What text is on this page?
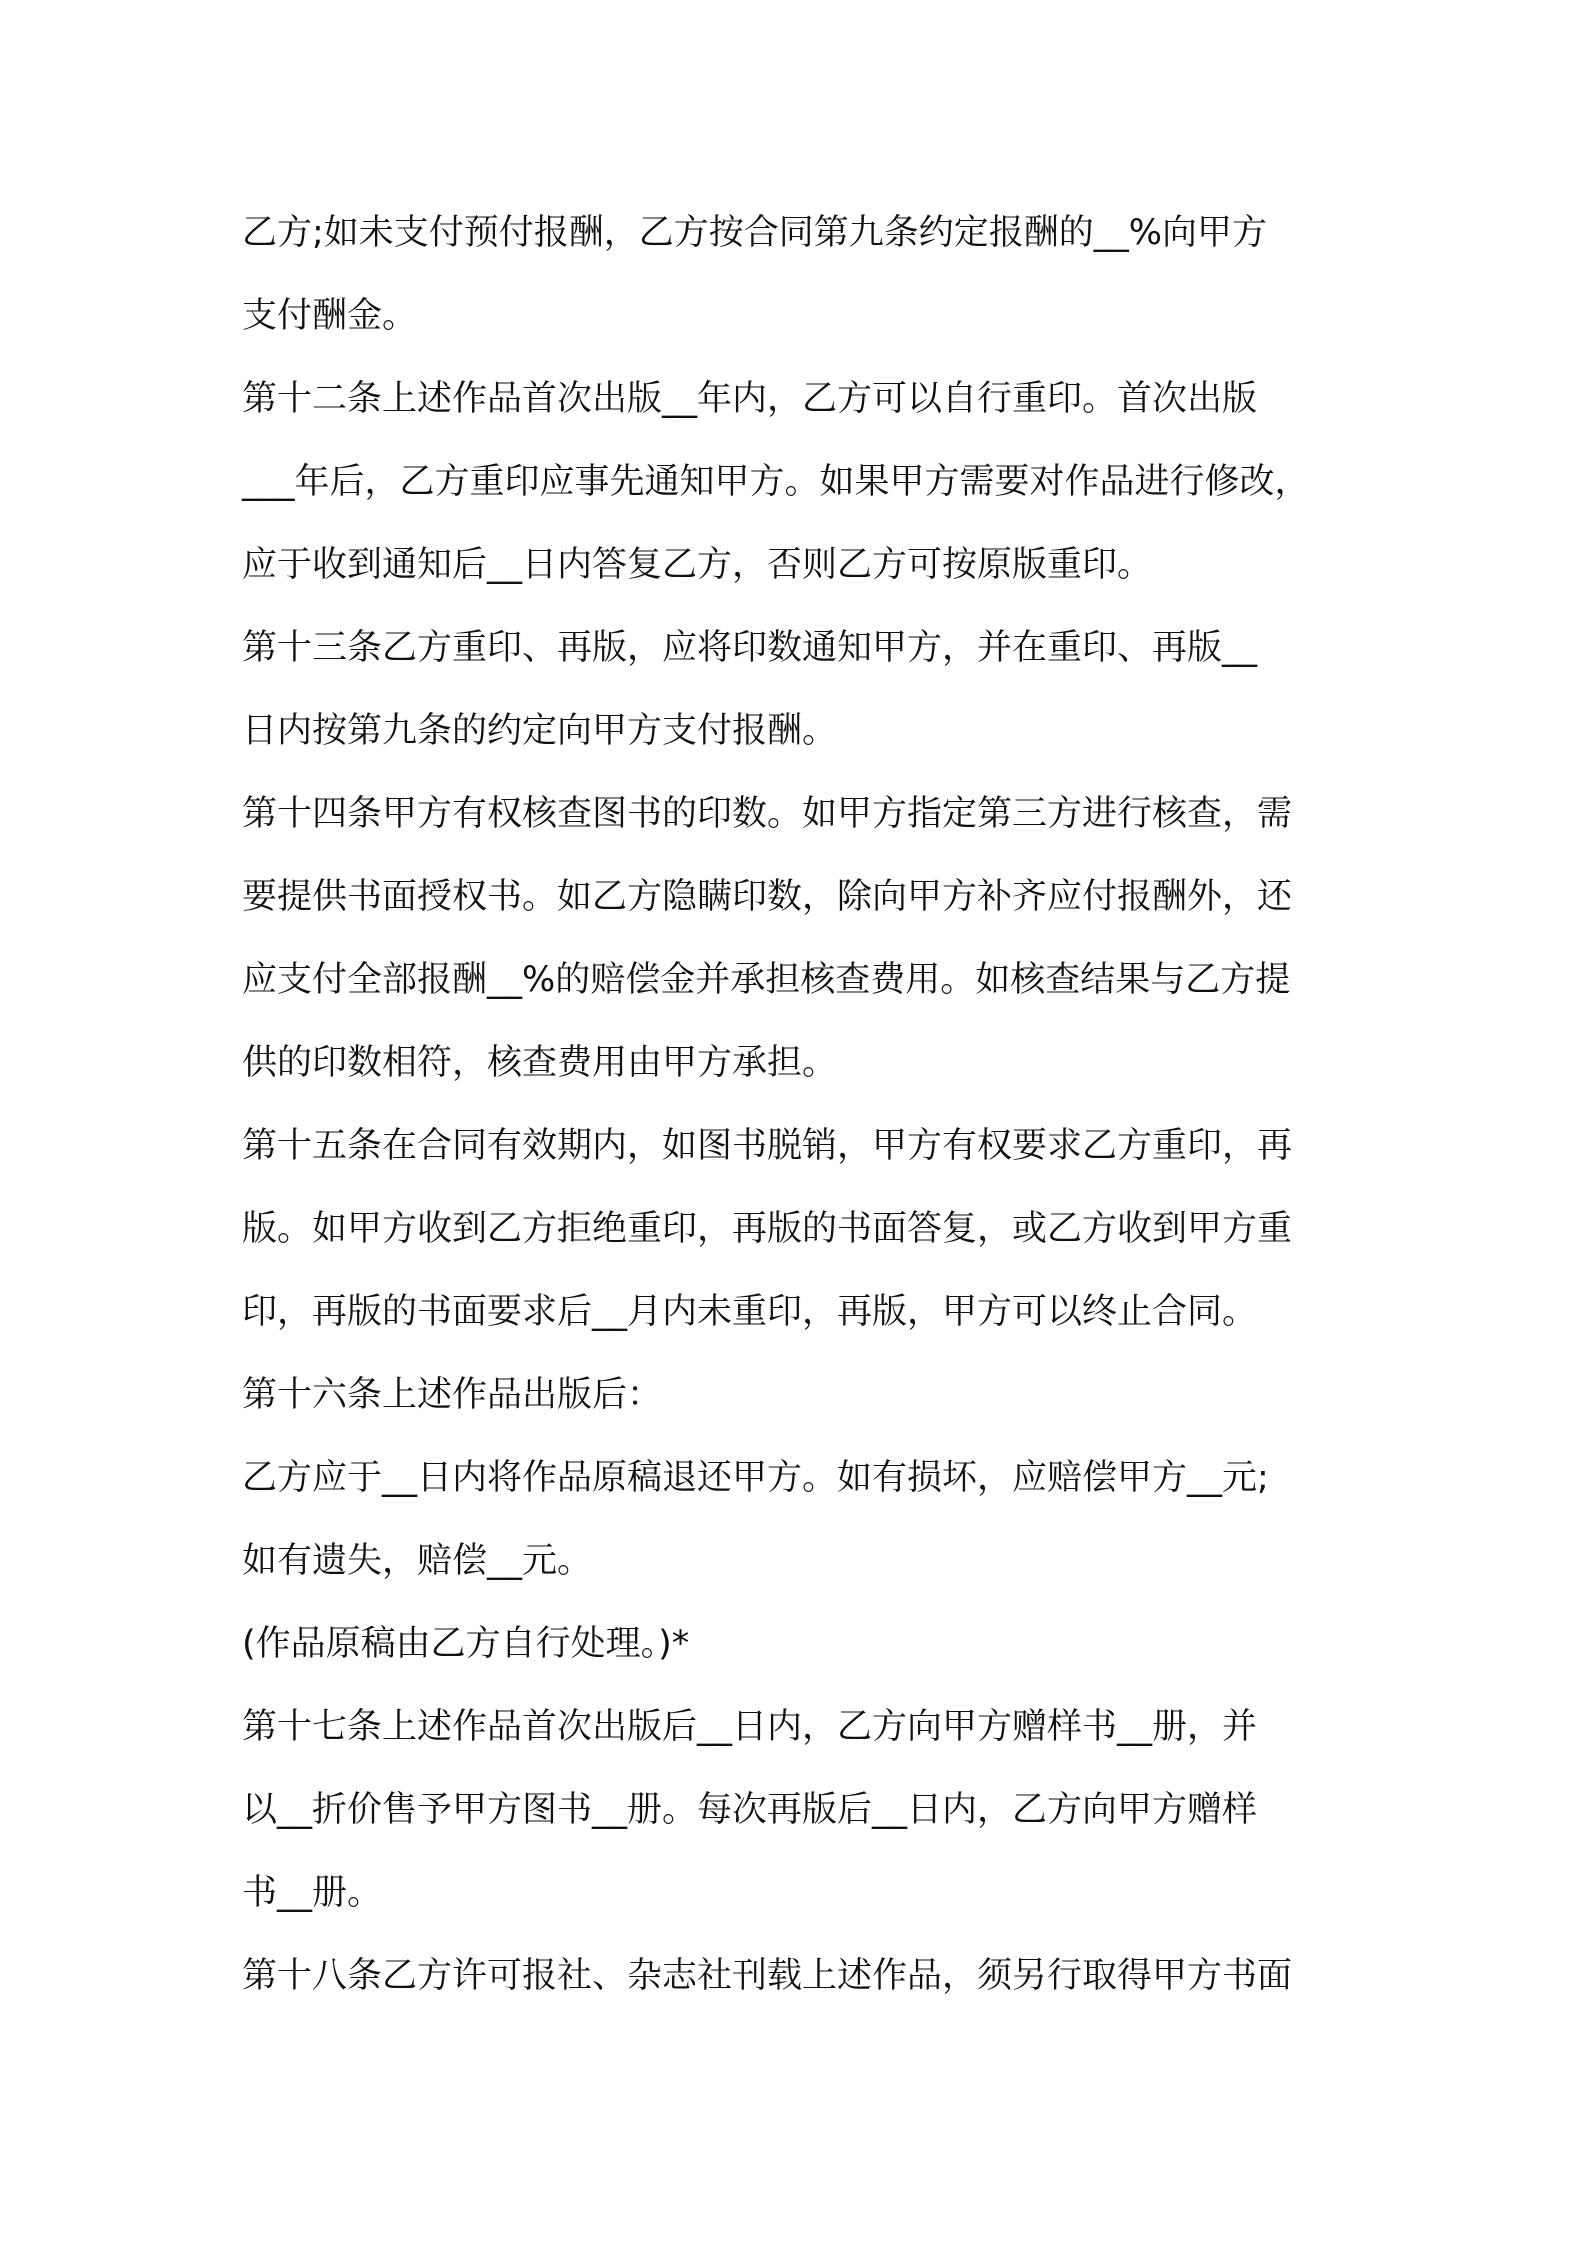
乙方;如未支付预付报酬，乙方按合同第九条约定报酬的__%向甲方
支付酬金。
第十二条上述作品首次出版__年内，乙方可以自行重印。首次出版
___年后，乙方重印应事先通知甲方。如果甲方需要对作品进行修改，
应于收到通知后__日内答复乙方，否则乙方可按原版重印。
第十三条乙方重印、再版，应将印数通知甲方，并在重印、再版__
日内按第九条的约定向甲方支付报酬。
第十四条甲方有权核查图书的印数。如甲方指定第三方进行核查，需
要提供书面授权书。如乙方隐瞒印数，除向甲方补齐应付报酬外，还
应支付全部报酬__%的赔偿金并承担核查费用。如核查结果与乙方提
供的印数相符，核查费用由甲方承担。
第十五条在合同有效期内，如图书脱销，甲方有权要求乙方重印，再
版。如甲方收到乙方拒绝重印，再版的书面答复，或乙方收到甲方重
印，再版的书面要求后__月内未重印，再版，甲方可以终止合同。
第十六条上述作品出版后：
乙方应于__日内将作品原稿退还甲方。如有损坏，应赔偿甲方__元;
如有遗失，赔偿__元。
(作品原稿由乙方自行处理。)*
第十七条上述作品首次出版后__日内，乙方向甲方赠样书__册，并
以__折价售予甲方图书__册。每次再版后__日内，乙方向甲方赠样
书__册。
第十八条乙方许可报社、杂志社刊载上述作品，须另行取得甲方书面
